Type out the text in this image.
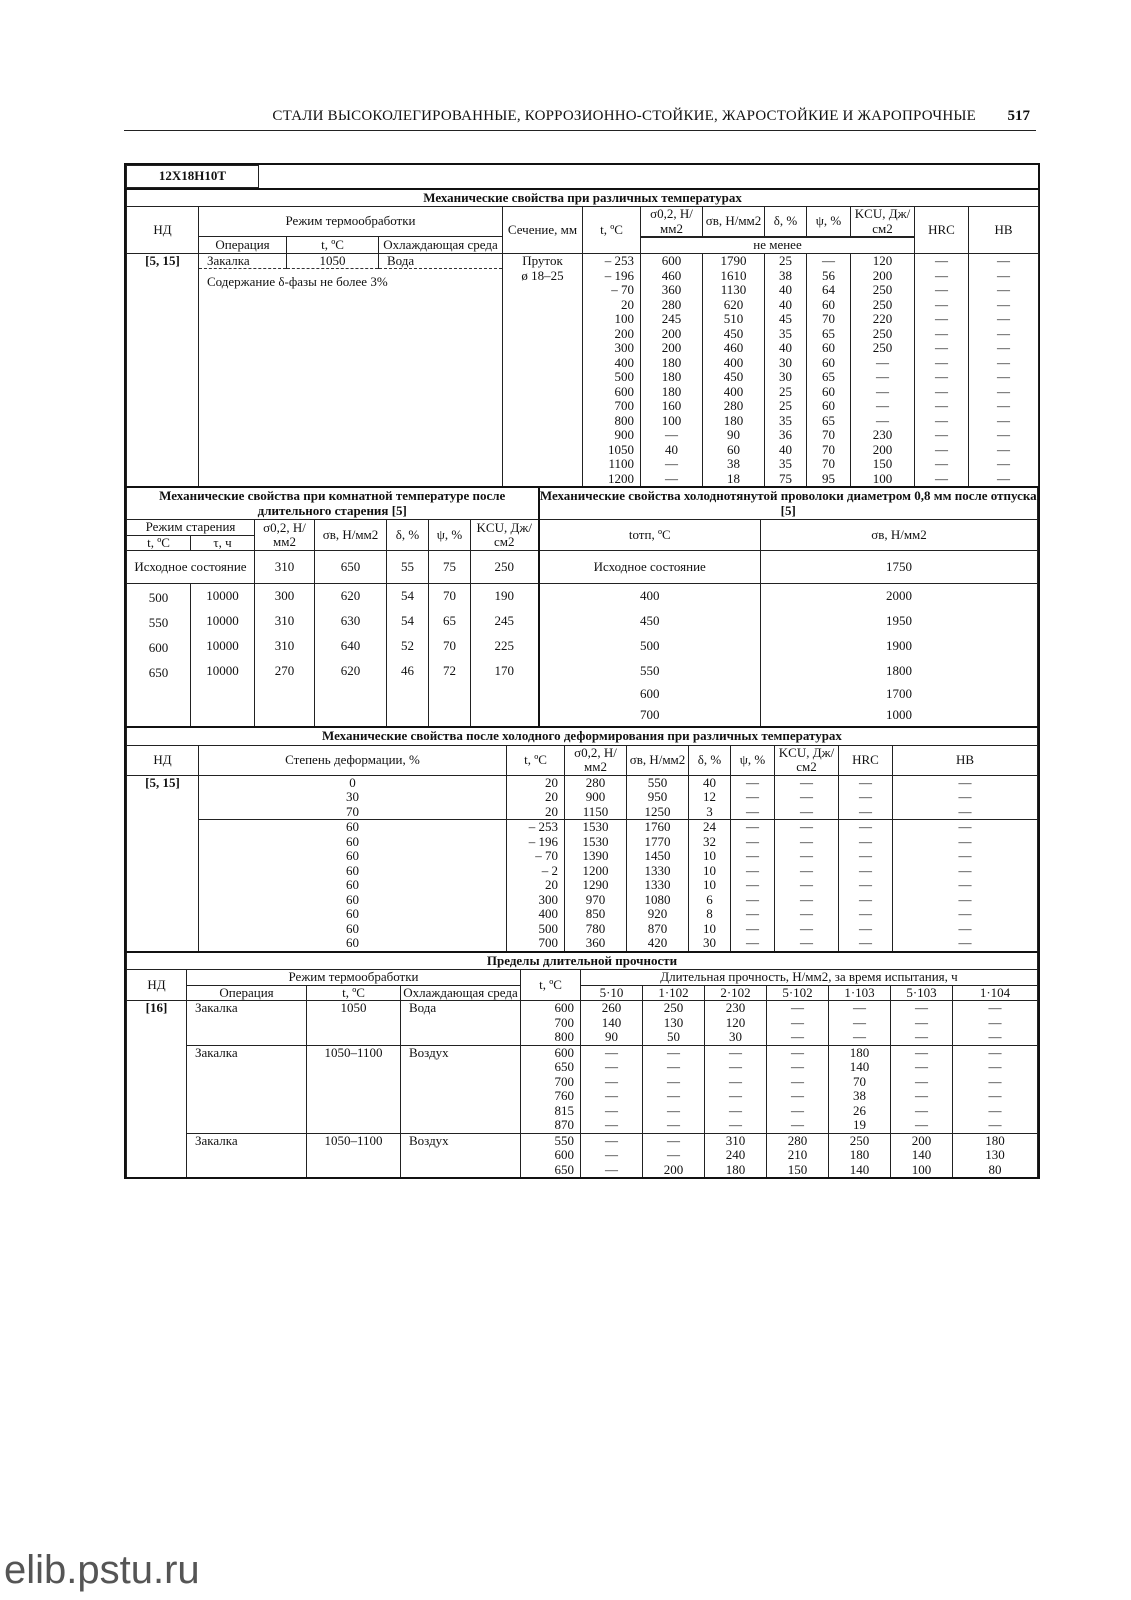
СТАЛИ ВЫСОКОЛЕГИРОВАННЫЕ, КОРРОЗИОННО-СТОЙКИЕ, ЖАРОСТОЙКИЕ И ЖАРОПРОЧНЫЕ 517
12Х18Н10Т	
Механические свойства при различных температурах												
НД	Режим термообработки			Сечение, мм	t, ºC	σ0,2, Н/мм2	σв, Н/мм2	δ, %	ψ, %	KCU, Дж/см2	HRC	HB
	Операция	t, ºC	Охлаждающая среда									
						не менее						
[5, 15]	Закалка	1050	Вода	Пруток	– 253	600	1790	25	—	120	—	—
	Содержание δ-фазы не более 3%			ø 18–25	– 196	460	1610	38	56	200	—	—
					– 70	360	1130	40	64	250	—	—
					20	280	620	40	60	250	—	—
					100	245	510	45	70	220	—	—
					200	200	450	35	65	250	—	—
					300	200	460	40	60	250	—	—
					400	180	400	30	60	—	—	—
					500	180	450	30	65	—	—	—
					600	180	400	25	60	—	—	—
					700	160	280	25	60	—	—	—
					800	100	180	35	65	—	—	—
					900	—	90	36	70	230	—	—
					1050	40	60	40	70	200	—	—
					1100	—	38	35	70	150	—	—
					1200	—	18	75	95	100	—	—
Механические свойства при комнатной температуре после длительного старения [5]							Механические свойства холоднотянутой проволоки диаметром 0,8 мм после отпуска [5]	
Режим старения		σ0,2, Н/мм2	σв, Н/мм2	δ, %	ψ, %	KCU, Дж/см2	tотп, ºC	σв, Н/мм2
t, ºC	τ, ч							
Исходное состояние		310	650	55	75	250	Исходное состояние	1750
500	10000	300	620	54	70	190	400	2000
550	10000	310	630	54	65	245	450	1950
600	10000	310	640	52	70	225	500	1900
650	10000	270	620	46	72	170	550	1800
							600	1700
							700	1000
Механические свойства после холодного деформирования при различных температурах									
НД	Степень деформации, %	t, ºC	σ0,2, Н/мм2	σв, Н/мм2	δ, %	ψ, %	KCU, Дж/см2	HRC	HB
[5, 15]	0	20	280	550	40	—	—	—	—
	30	20	900	950	12	—	—	—	—
	70	20	1150	1250	3	—	—	—	—
	60	– 253	1530	1760	24	—	—	—	—
	60	– 196	1530	1770	32	—	—	—	—
	60	– 70	1390	1450	10	—	—	—	—
	60	– 2	1200	1330	10	—	—	—	—
	60	20	1290	1330	10	—	—	—	—
	60	300	970	1080	6	—	—	—	—
	60	400	850	920	8	—	—	—	—
	60	500	780	870	10	—	—	—	—
	60	700	360	420	30	—	—	—	—
Пределы длительной прочности											
НД	Режим термообработки			t, ºC	Длительная прочность, Н/мм2, за время испытания, ч						
	Операция	t, ºC	Охлаждающая среда		5·10	1·102	2·102	5·102	1·103	5·103	1·104
[16]	Закалка	1050	Вода	600	260	250	230	—	—	—	—
				700	140	130	120	—	—	—	—
				800	90	50	30	—	—	—	—
	Закалка	1050–1100	Воздух	600	—	—	—	—	180	—	—
				650	—	—	—	—	140	—	—
				700	—	—	—	—	70	—	—
				760	—	—	—	—	38	—	—
				815	—	—	—	—	26	—	—
				870	—	—	—	—	19	—	—
	Закалка	1050–1100	Воздух	550	—	—	310	280	250	200	180
				600	—	—	240	210	180	140	130
				650	—	200	180	150	140	100	80
elib.pstu.ru
